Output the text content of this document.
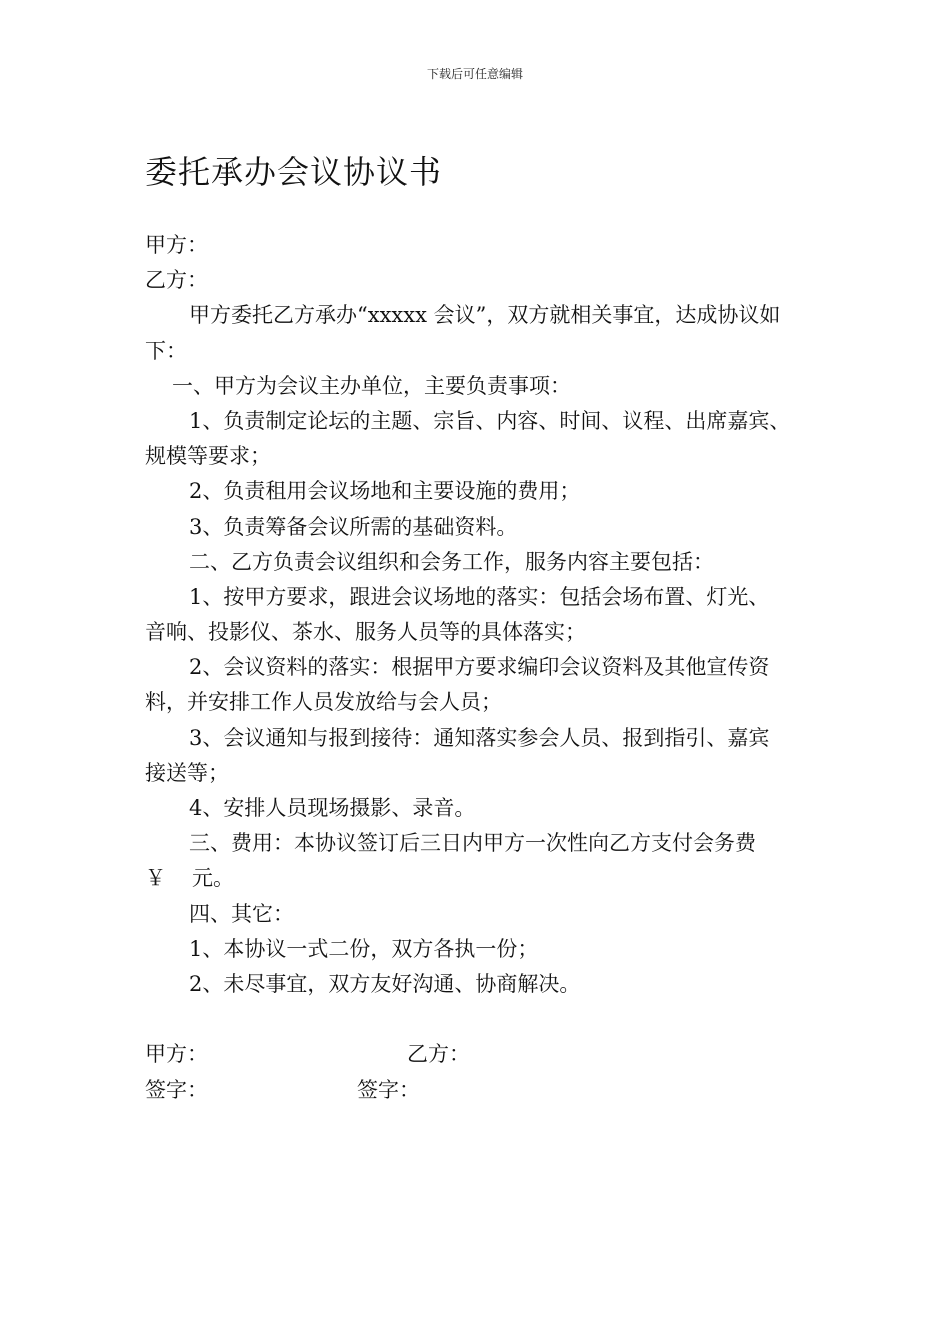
下载后可任意编辑
委托承办会议协议书
甲方：
乙方：
甲方委托乙方承办“xxxxx 会议”，双方就相关事宜，达成协议如
下：
一、甲方为会议主办单位，主要负责事项：
1、负责制定论坛的主题、宗旨、内容、时间、议程、出席嘉宾、
规模等要求；
2、负责租用会议场地和主要设施的费用；
3、负责筹备会议所需的基础资料。
二、乙方负责会议组织和会务工作，服务内容主要包括：
1、按甲方要求，跟进会议场地的落实：包括会场布置、灯光、
音响、投影仪、茶水、服务人员等的具体落实；
2、会议资料的落实：根据甲方要求编印会议资料及其他宣传资
料，并安排工作人员发放给与会人员；
3、会议通知与报到接待：通知落实参会人员、报到指引、嘉宾
接送等；
4、安排人员现场摄影、录音。
三、费用：本协议签订后三日内甲方一次性向乙方支付会务费
￥ 元。
四、其它：
1、本协议一式二份，双方各执一份；
2、未尽事宜，双方友好沟通、协商解决。
甲方：	乙方：
签字：	签字：
